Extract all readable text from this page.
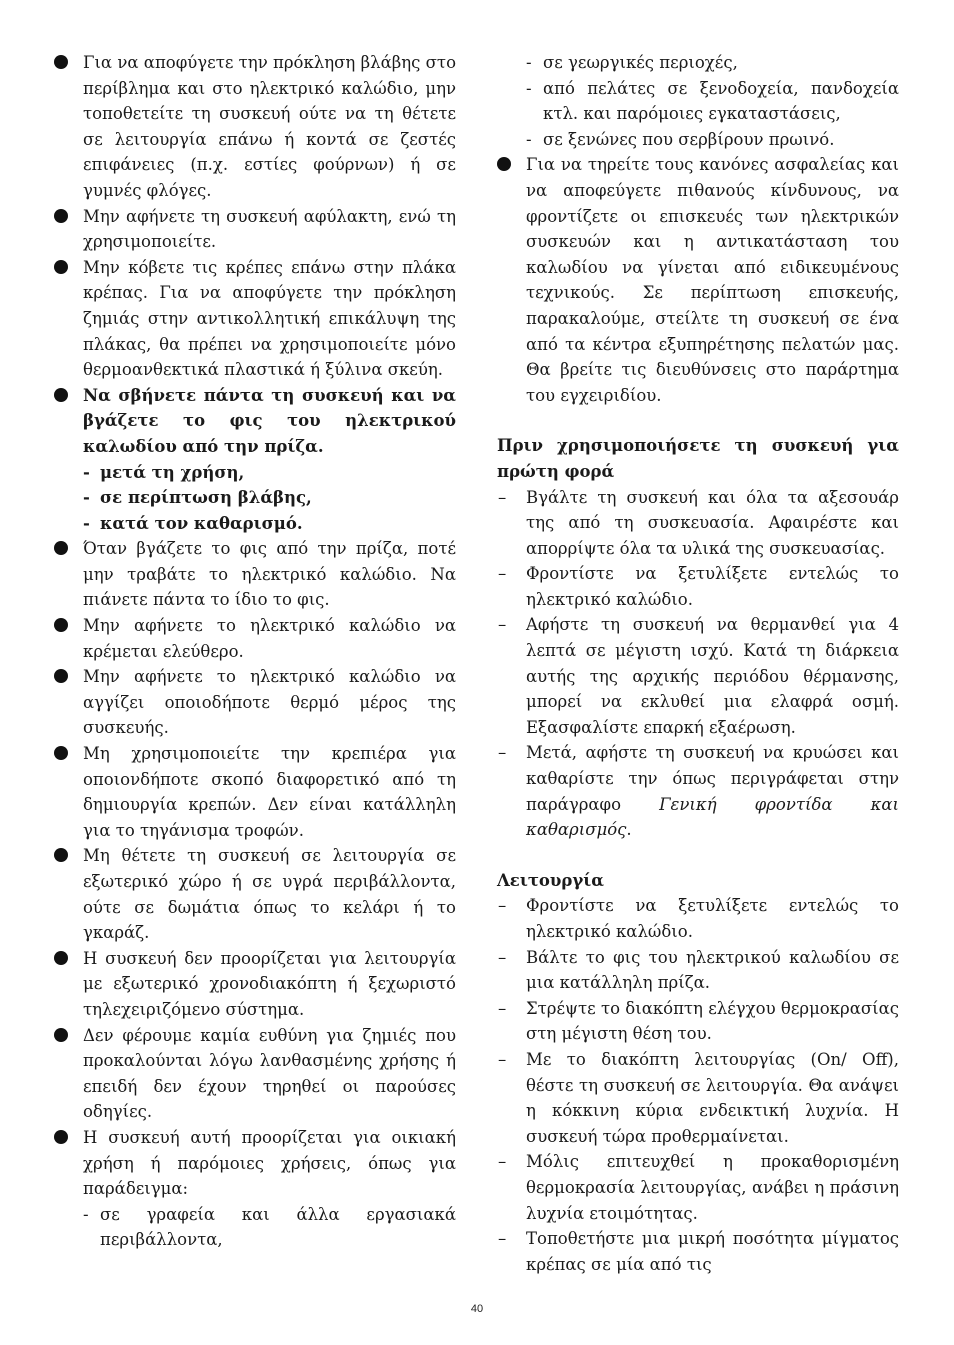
Για να αποφύγετε την πρόκληση βλάβης στο περίβλημα και στο ηλεκτρικό καλώδιο, μην τοποθετείτε τη συσκευή ούτε να τη θέτετε σε λειτουργία επάνω ή κοντά σε ζεστές επιφάνειες (π.χ. εστίες φούρνων) ή σε γυμνές φλόγες.
Μην αφήνετε τη συσκευή αφύλακτη, ενώ τη χρησιμοποιείτε.
Μην κόβετε τις κρέπες επάνω στην πλάκα κρέπας. Για να αποφύγετε την πρόκληση ζημιάς στην αντικολλητική επικάλυψη της πλάκας, θα πρέπει να χρησιμοποιείτε μόνο θερμοανθεκτικά πλαστικά ή ξύλινα σκεύη.
Να σβήνετε πάντα τη συσκευή και να βγάζετε το φις του ηλεκτρικού καλωδίου από την πρίζα.
- μετά τη χρήση,
- σε περίπτωση βλάβης,
- κατά τον καθαρισμό.
Όταν βγάζετε το φις από την πρίζα, ποτέ μην τραβάτε το ηλεκτρικό καλώδιο. Να πιάνετε πάντα το ίδιο το φις.
Μην αφήνετε το ηλεκτρικό καλώδιο να κρέμεται ελεύθερο.
Μην αφήνετε το ηλεκτρικό καλώδιο να αγγίζει οποιοδήποτε θερμό μέρος της συσκευής.
Μη χρησιμοποιείτε την κρεπιέρα για οποιονδήποτε σκοπό διαφορετικό από τη δημιουργία κρεπών. Δεν είναι κατάλληλη για το τηγάνισμα τροφών.
Μη θέτετε τη συσκευή σε λειτουργία σε εξωτερικό χώρο ή σε υγρά περιβάλλοντα, ούτε σε δωμάτια όπως το κελάρι ή το γκαράζ.
Η συσκευή δεν προορίζεται για λειτουργία με εξωτερικό χρονοδιακόπτη ή ξεχωριστό τηλεχειριζόμενο σύστημα.
Δεν φέρουμε καμία ευθύνη για ζημιές που προκαλούνται λόγω λανθασμένης χρήσης ή επειδή δεν έχουν τηρηθεί οι παρούσες οδηγίες.
Η συσκευή αυτή προορίζεται για οικιακή χρήση ή παρόμοιες χρήσεις, όπως για παράδειγμα:
- σε γραφεία και άλλα εργασιακά περιβάλλοντα,
- σε γεωργικές περιοχές,
- από πελάτες σε ξενοδοχεία, πανδοχεία κτλ. και παρόμοιες εγκαταστάσεις,
- σε ξενώνες που σερβίρουν πρωινό.
Για να τηρείτε τους κανόνες ασφαλείας και να αποφεύγετε πιθανούς κίνδυνους, να φροντίζετε οι επισκευές των ηλεκτρικών συσκευών και η αντικατάσταση του καλωδίου να γίνεται από ειδικευμένους τεχνικούς. Σε περίπτωση επισκευής, παρακαλούμε, στείλτε τη συσκευή σε ένα από τα κέντρα εξυπηρέτησης πελατών μας. Θα βρείτε τις διευθύνσεις στο παράρτημα του εγχειριδίου.
Πριν χρησιμοποιήσετε τη συσκευή για πρώτη φορά
– Βγάλτε τη συσκευή και όλα τα αξεσουάρ της από τη συσκευασία. Αφαιρέστε και απορρίψτε όλα τα υλικά της συσκευασίας.
– Φροντίστε να ξετυλίξετε εντελώς το ηλεκτρικό καλώδιο.
– Αφήστε τη συσκευή να θερμανθεί για 4 λεπτά σε μέγιστη ισχύ. Κατά τη διάρκεια αυτής της αρχικής περιόδου θέρμανσης, μπορεί να εκλυθεί μια ελαφρά οσμή. Εξασφαλίστε επαρκή εξαέρωση.
– Μετά, αφήστε τη συσκευή να κρυώσει και καθαρίστε την όπως περιγράφεται στην παράγραφο Γενική φροντίδα και καθαρισμός.
Λειτουργία
– Φροντίστε να ξετυλίξετε εντελώς το ηλεκτρικό καλώδιο.
– Βάλτε το φις του ηλεκτρικού καλωδίου σε μια κατάλληλη πρίζα.
– Στρέψτε το διακόπτη ελέγχου θερμοκρασίας στη μέγιστη θέση του.
– Με το διακόπτη λειτουργίας (On/ Off), θέστε τη συσκευή σε λειτουργία. Θα ανάψει η κόκκινη κύρια ενδεικτική λυχνία. Η συσκευή τώρα προθερμαίνεται.
– Μόλις επιτευχθεί η προκαθορισμένη θερμοκρασία λειτουργίας, ανάβει η πράσινη λυχνία ετοιμότητας.
– Τοποθετήστε μια μικρή ποσότητα μίγματος κρέπας σε μία από τις
40
